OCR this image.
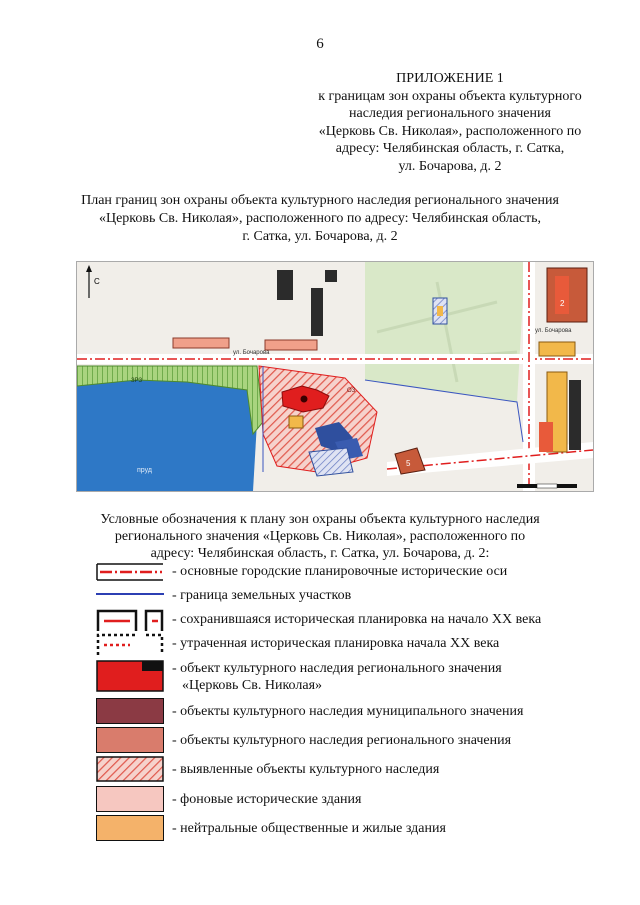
6
ПРИЛОЖЕНИЕ 1
к границам зон охраны объекта культурного
наследия регионального значения
«Церковь Св. Николая», расположенного по
адресу: Челябинская область, г. Сатка,
ул. Бочарова, д. 2
План границ зон охраны объекта культурного наследия регионального значения
«Церковь Св. Николая», расположенного по адресу: Челябинская область,
г. Сатка, ул. Бочарова, д. 2
С
пруд
ул. Бочарова
ул. Бочарова
ЗРЗ
ОЗ
2
5
Условные обозначения к плану зон охраны объекта культурного наследия
регионального значения «Церковь Св. Николая», расположенного по
адресу: Челябинская область, г. Сатка, ул. Бочарова, д. 2:
- основные городские планировочные исторические оси
- граница земельных участков
- сохранившаяся историческая планировка на начало XX века
- утраченная историческая планировка начала XX века
- объект культурного наследия регионального значения
«Церковь Св. Николая»
- объекты культурного наследия муниципального значения
- объекты культурного наследия регионального значения
- выявленные объекты культурного наследия
- фоновые исторические здания
- нейтральные общественные и жилые здания
